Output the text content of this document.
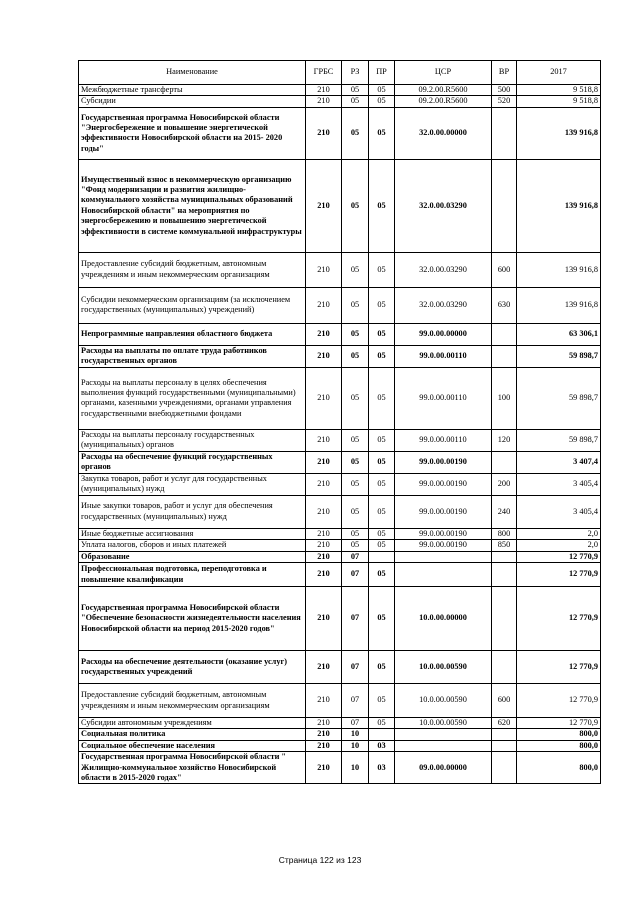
Наименование	ГРБС	РЗ	ПР	ЦСР	ВР	2017
Межбюджетные трансферты	210	05	05	09.2.00.R5600	500	9 518,8
Субсидии	210	05	05	09.2.00.R5600	520	9 518,8
Государственная программа Новосибирской области "Энергосбережение и повышение энергетической эффективности Новосибирской области на 2015- 2020 годы"	210	05	05	32.0.00.00000		139 916,8
Имущественный взнос в некоммерческую организацию "Фонд модернизации и развития жилищно-коммунального хозяйства муниципальных образований Новосибирской области" на мероприятия по энергосбережению и повышению энергетической эффективности в системе коммунальной инфраструктуры	210	05	05	32.0.00.03290		139 916,8
Предоставление субсидий бюджетным, автономным учреждениям и иным некоммерческим организациям	210	05	05	32.0.00.03290	600	139 916,8
Субсидии некоммерческим организациям (за исключением государственных (муниципальных) учреждений)	210	05	05	32.0.00.03290	630	139 916,8
Непрограммные направления областного бюджета	210	05	05	99.0.00.00000		63 306,1
Расходы на выплаты по оплате труда работников государственных органов	210	05	05	99.0.00.00110		59 898,7
Расходы на выплаты персоналу в целях обеспечения выполнения функций государственными (муниципальными) органами, казенными учреждениями, органами управления государственными внебюджетными фондами	210	05	05	99.0.00.00110	100	59 898,7
Расходы на выплаты персоналу государственных (муниципальных) органов	210	05	05	99.0.00.00110	120	59 898,7
Расходы на обеспечение функций государственных органов	210	05	05	99.0.00.00190		3 407,4
Закупка товаров, работ и услуг для государственных (муниципальных) нужд	210	05	05	99.0.00.00190	200	3 405,4
Иные закупки товаров, работ и услуг для обеспечения государственных (муниципальных) нужд	210	05	05	99.0.00.00190	240	3 405,4
Иные бюджетные ассигнования	210	05	05	99.0.00.00190	800	2,0
Уплата налогов, сборов и иных платежей	210	05	05	99.0.00.00190	850	2,0
Образование	210	07				12 770,9
Профессиональная подготовка, переподготовка и повышение квалификации	210	07	05			12 770,9
Государственная программа Новосибирской области "Обеспечение безопасности жизнедеятельности населения Новосибирской области на период 2015-2020 годов"	210	07	05	10.0.00.00000		12 770,9
Расходы на обеспечение деятельности (оказание услуг) государственных учреждений	210	07	05	10.0.00.00590		12 770,9
Предоставление субсидий бюджетным, автономным учреждениям и иным некоммерческим организациям	210	07	05	10.0.00.00590	600	12 770,9
Субсидии автономным учреждениям	210	07	05	10.0.00.00590	620	12 770,9
Социальная политика	210	10				800,0
Социальное обеспечение населения	210	10	03			800,0
Государственная программа Новосибирской области " Жилищно-коммунальное хозяйство Новосибирской области в 2015-2020 годах"	210	10	03	09.0.00.00000		800,0
Страница 122 из 123
